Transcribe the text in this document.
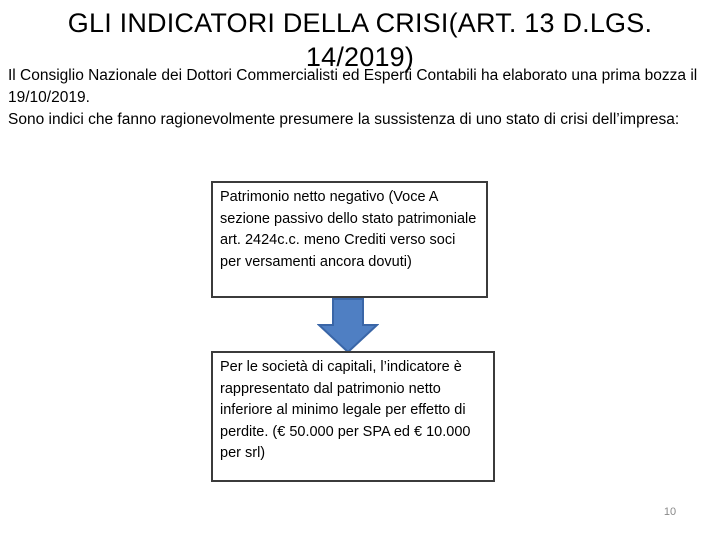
GLI INDICATORI DELLA CRISI(ART. 13 D.LGS. 14/2019)

Il Consiglio Nazionale dei Dottori Commercialisti ed Esperti Contabili ha elaborato una prima bozza il 19/10/2019.

Sono indici che fanno ragionevolmente presumere la sussistenza di uno stato di crisi dell’impresa:

Patrimonio netto negativo (Voce A sezione passivo dello stato patrimoniale art. 2424c.c. meno Crediti verso soci per versamenti ancora dovuti)
Per le società di capitali, l’indicatore è rappresentato dal patrimonio netto inferiore al minimo legale per effetto di perdite. (€ 50.000 per SPA ed € 10.000 per srl)
10
